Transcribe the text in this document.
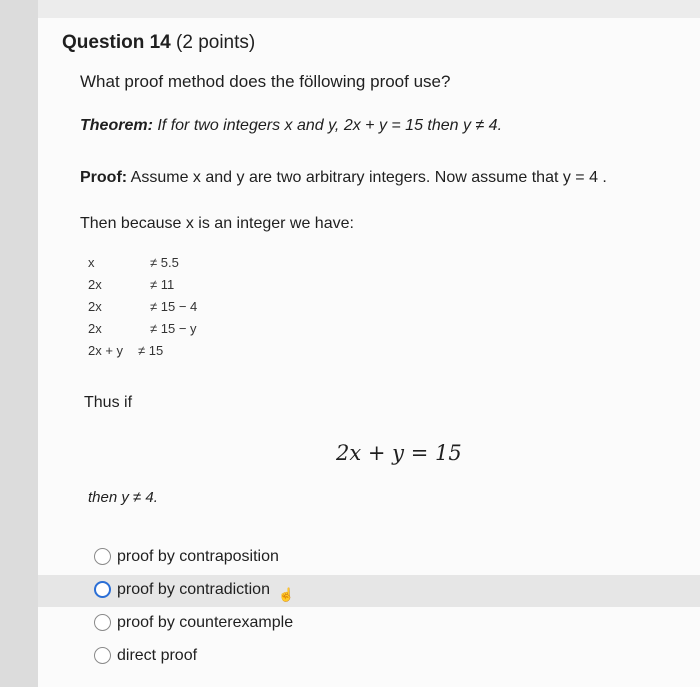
Question 14 (2 points)
What proof method does the föllowing proof use?
Theorem: If for two integers x and y, 2x + y = 15 then y ≠ 4.
Proof: Assume x and y are two arbitrary integers. Now assume that y = 4 .
Then because x is an integer we have:
x	≠ 5.5
2x	≠ 11
2x	≠ 15 − 4
2x	≠ 15 − y
2x + y ≠ 15
Thus if
2x + y = 15
then y ≠ 4.
proof by contraposition
proof by contradiction ☝
proof by counterexample
direct proof
